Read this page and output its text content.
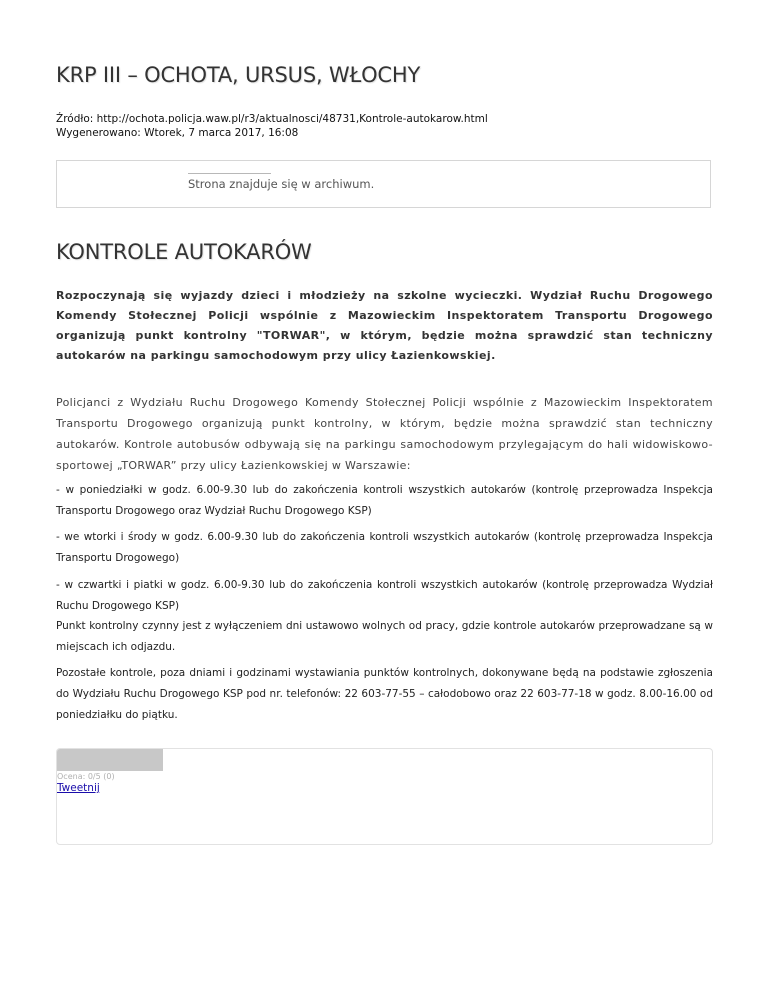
KRP III – OCHOTA, URSUS, WŁOCHY
Źródło: http://ochota.policja.waw.pl/r3/aktualnosci/48731,Kontrole-autokarow.html
Wygenerowano: Wtorek, 7 marca 2017, 16:08
Strona znajduje się w archiwum.
KONTROLE AUTOKARÓW

Rozpoczynają się wyjazdy dzieci i młodzieży na szkolne wycieczki. Wydział Ruchu Drogowego Komendy Stołecznej Policji wspólnie z Mazowieckim Inspektoratem Transportu Drogowego organizują punkt kontrolny "TORWAR", w którym, będzie można sprawdzić stan techniczny autokarów na parkingu samochodowym przy ulicy Łazienkowskiej.

Policjanci z Wydziału Ruchu Drogowego Komendy Stołecznej Policji wspólnie z Mazowieckim Inspektoratem Transportu Drogowego organizują punkt kontrolny, w którym, będzie można sprawdzić stan techniczny autokarów. Kontrole autobusów odbywają się na parkingu samochodowym przylegającym do hali widowiskowo-sportowej „TORWAR” przy ulicy Łazienkowskiej w Warszawie:

- w poniedziałki w godz. 6.00-9.30 lub do zakończenia kontroli wszystkich autokarów (kontrolę przeprowadza Inspekcja Transportu Drogowego oraz Wydział Ruchu Drogowego KSP)

- we wtorki i środy w godz. 6.00-9.30 lub do zakończenia kontroli wszystkich autokarów (kontrolę przeprowadza Inspekcja Transportu Drogowego)

- w czwartki i piatki w godz. 6.00-9.30 lub do zakończenia kontroli wszystkich autokarów (kontrolę przeprowadza Wydział Ruchu Drogowego KSP)

Punkt kontrolny czynny jest z wyłączeniem dni ustawowo wolnych od pracy, gdzie kontrole autokarów przeprowadzane są w miejscach ich odjazdu.

Pozostałe kontrole, poza dniami i godzinami wystawiania punktów kontrolnych, dokonywane będą na podstawie zgłoszenia do Wydziału Ruchu Drogowego KSP pod nr. telefonów: 22 603-77-55 – całodobowo oraz 22 603-77-18 w godz. 8.00-16.00 od poniedziałku do piątku.

Ocena: 0/5 (0)
Tweetnij
